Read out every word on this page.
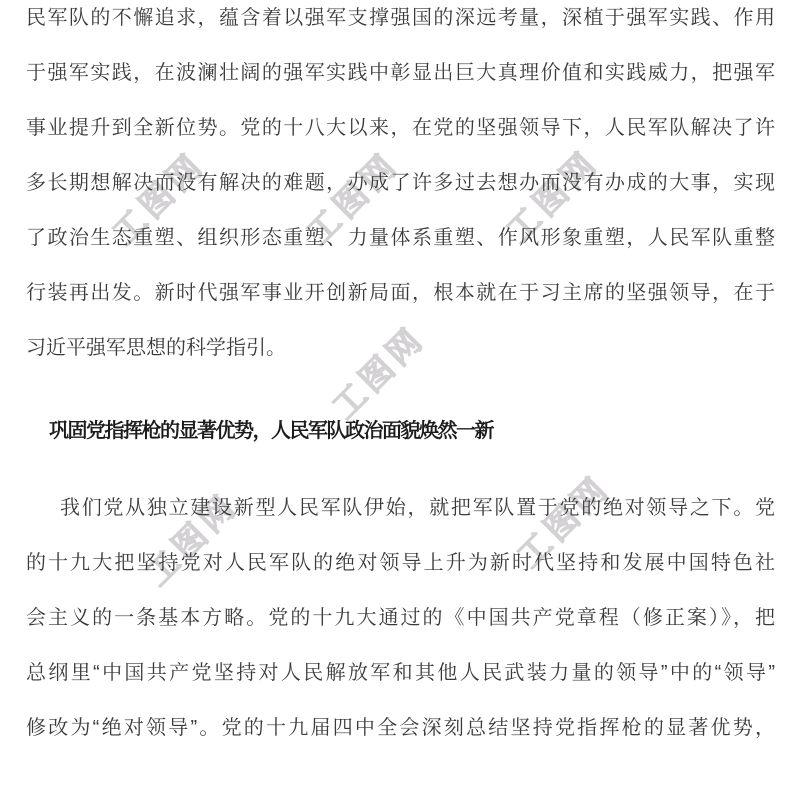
工图网	工图网	工图网
工图网
工图网	工图网
民军队的不懈追求，蕴含着以强军支撑强国的深远考量，深植于强军实践、作用
于强军实践，在波澜壮阔的强军实践中彰显出巨大真理价值和实践威力，把强军
事业提升到全新位势。党的十八大以来，在党的坚强领导下，人民军队解决了许
多长期想解决而没有解决的难题，办成了许多过去想办而没有办成的大事，实现
了政治生态重塑、组织形态重塑、力量体系重塑、作风形象重塑，人民军队重整
行装再出发。新时代强军事业开创新局面，根本就在于习主席的坚强领导，在于
习近平强军思想的科学指引。
巩固党指挥枪的显著优势，人民军队政治面貌焕然一新
我们党从独立建设新型人民军队伊始，就把军队置于党的绝对领导之下。党
的十九大把坚持党对人民军队的绝对领导上升为新时代坚持和发展中国特色社
会主义的一条基本方略。党的十九大通过的《中国共产党章程（修正案）》，把
总纲里“中国共产党坚持对人民解放军和其他人民武装力量的领导”中的“领导”
修改为“绝对领导”。党的十九届四中全会深刻总结坚持党指挥枪的显著优势，
